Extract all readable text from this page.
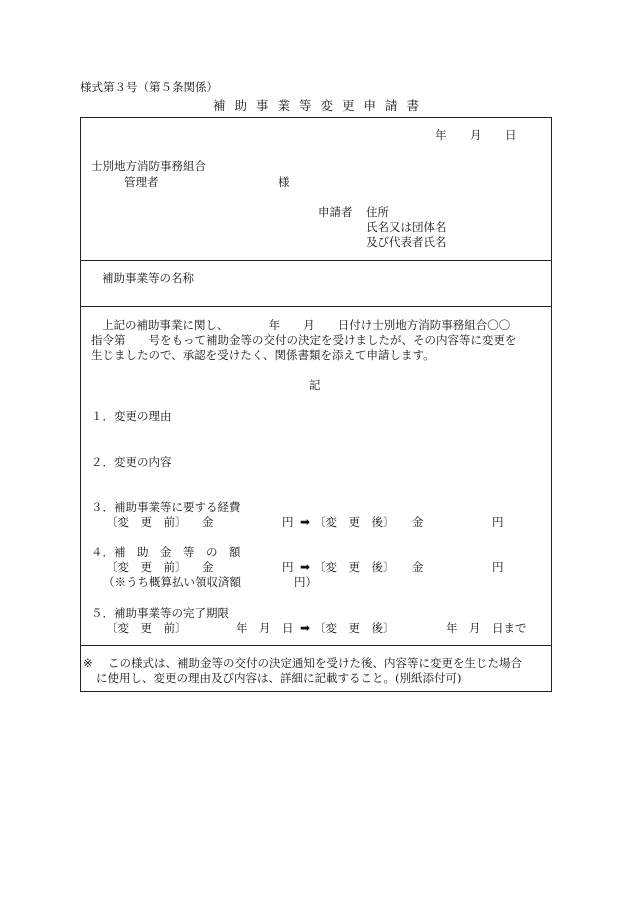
様式第３号（第５条関係）
補助事業等変更申請書
年 月 日
士別地方消防事務組合
管理者	様
申請者 住所
氏名又は団体名
及び代表者氏名
補助事業等の名称
上記の補助事業に関し、　　　　年　　月　　日付け士別地方消防事務組合〇〇
指令第　　号をもって補助金等の交付の決定を受けましたが、その内容等に変更を
生じましたので、承認を受けたく、関係書類を添えて申請します。
記
１．変更の理由
２．変更の内容
３．補助事業等に要する経費
〔変　更　前〕 金	円 ➡ 〔変　更　後〕 金	円
４．補　助　金　等　の　額
〔変　更　前〕 金	円 ➡ 〔変　更　後〕 金	円
（※うち概算払い領収済額	円）
５．補助事業等の完了期限
〔変　更　前〕	年　月　日 ➡ 〔変　更　後〕	年　月　日まで
※ この様式は、補助金等の交付の決定通知を受けた後、内容等に変更を生じた場合
に使用し、変更の理由及び内容は、詳細に記載すること。(別紙添付可)
